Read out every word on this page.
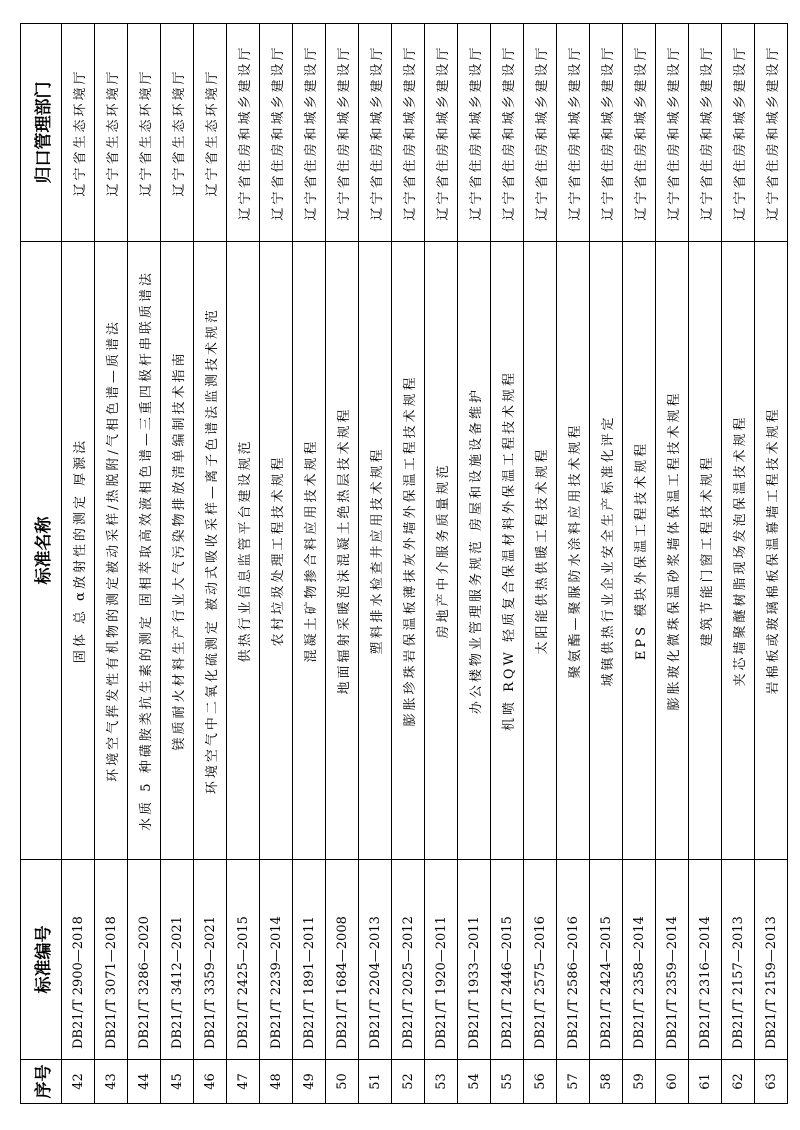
序号	标准编号	标准名称	归口管理部门
42	DB21/T 2900—2018	固体 总 α放射性的测定 厚源法	辽宁省生态环境厅
43	DB21/T 3071—2018	环境空气挥发性有机物的测定被动采样/热脱附/气相色谱—质谱法	辽宁省生态环境厅
44	DB21/T 3286—2020	水质 5 种磺胺类抗生素的测定 固相萃取高效液相色谱—三重四极杆串联质谱法	辽宁省生态环境厅
45	DB21/T 3412—2021	镁质耐火材料生产行业大气污染物排放清单编制技术指南	辽宁省生态环境厅
46	DB21/T 3359—2021	环境空气中二氧化硫测定 被动式吸收采样—离子色谱法监测技术规范	辽宁省生态环境厅
47	DB21/T 2425—2015	供热行业信息监管平台建设规范	辽宁省住房和城乡建设厅
48	DB21/T 2239—2014	农村垃圾处理工程技术规程	辽宁省住房和城乡建设厅
49	DB21/T 1891—2011	混凝土矿物掺合料应用技术规程	辽宁省住房和城乡建设厅
50	DB21/T 1684—2008	地面辐射采暖泡沫混凝土绝热层技术规程	辽宁省住房和城乡建设厅
51	DB21/T 2204—2013	塑料排水检查井应用技术规程	辽宁省住房和城乡建设厅
52	DB21/T 2025—2012	膨胀珍珠岩保温板薄抹灰外墙外保温工程技术规程	辽宁省住房和城乡建设厅
53	DB21/T 1920—2011	房地产中介服务质量规范	辽宁省住房和城乡建设厅
54	DB21/T 1933—2011	办公楼物业管理服务规范 房屋和设施设备维护	辽宁省住房和城乡建设厅
55	DB21/T 2446—2015	机喷 RQW 轻质复合保温材料外保温工程技术规程	辽宁省住房和城乡建设厅
56	DB21/T 2575—2016	太阳能供热供暖工程技术规程	辽宁省住房和城乡建设厅
57	DB21/T 2586—2016	聚氨酯—聚脲防水涂料应用技术规程	辽宁省住房和城乡建设厅
58	DB21/T 2424—2015	城镇供热行业企业安全生产标准化评定	辽宁省住房和城乡建设厅
59	DB21/T 2358—2014	EPS 模块外保温工程技术规程	辽宁省住房和城乡建设厅
60	DB21/T 2359—2014	膨胀玻化微珠保温砂浆墙体保温工程技术规程	辽宁省住房和城乡建设厅
61	DB21/T 2316—2014	建筑节能门窗工程技术规程	辽宁省住房和城乡建设厅
62	DB21/T 2157—2013	夹芯墙聚醚树脂现场发泡保温技术规程	辽宁省住房和城乡建设厅
63	DB21/T 2159—2013	岩棉板或玻璃棉板保温幕墙工程技术规程	辽宁省住房和城乡建设厅
